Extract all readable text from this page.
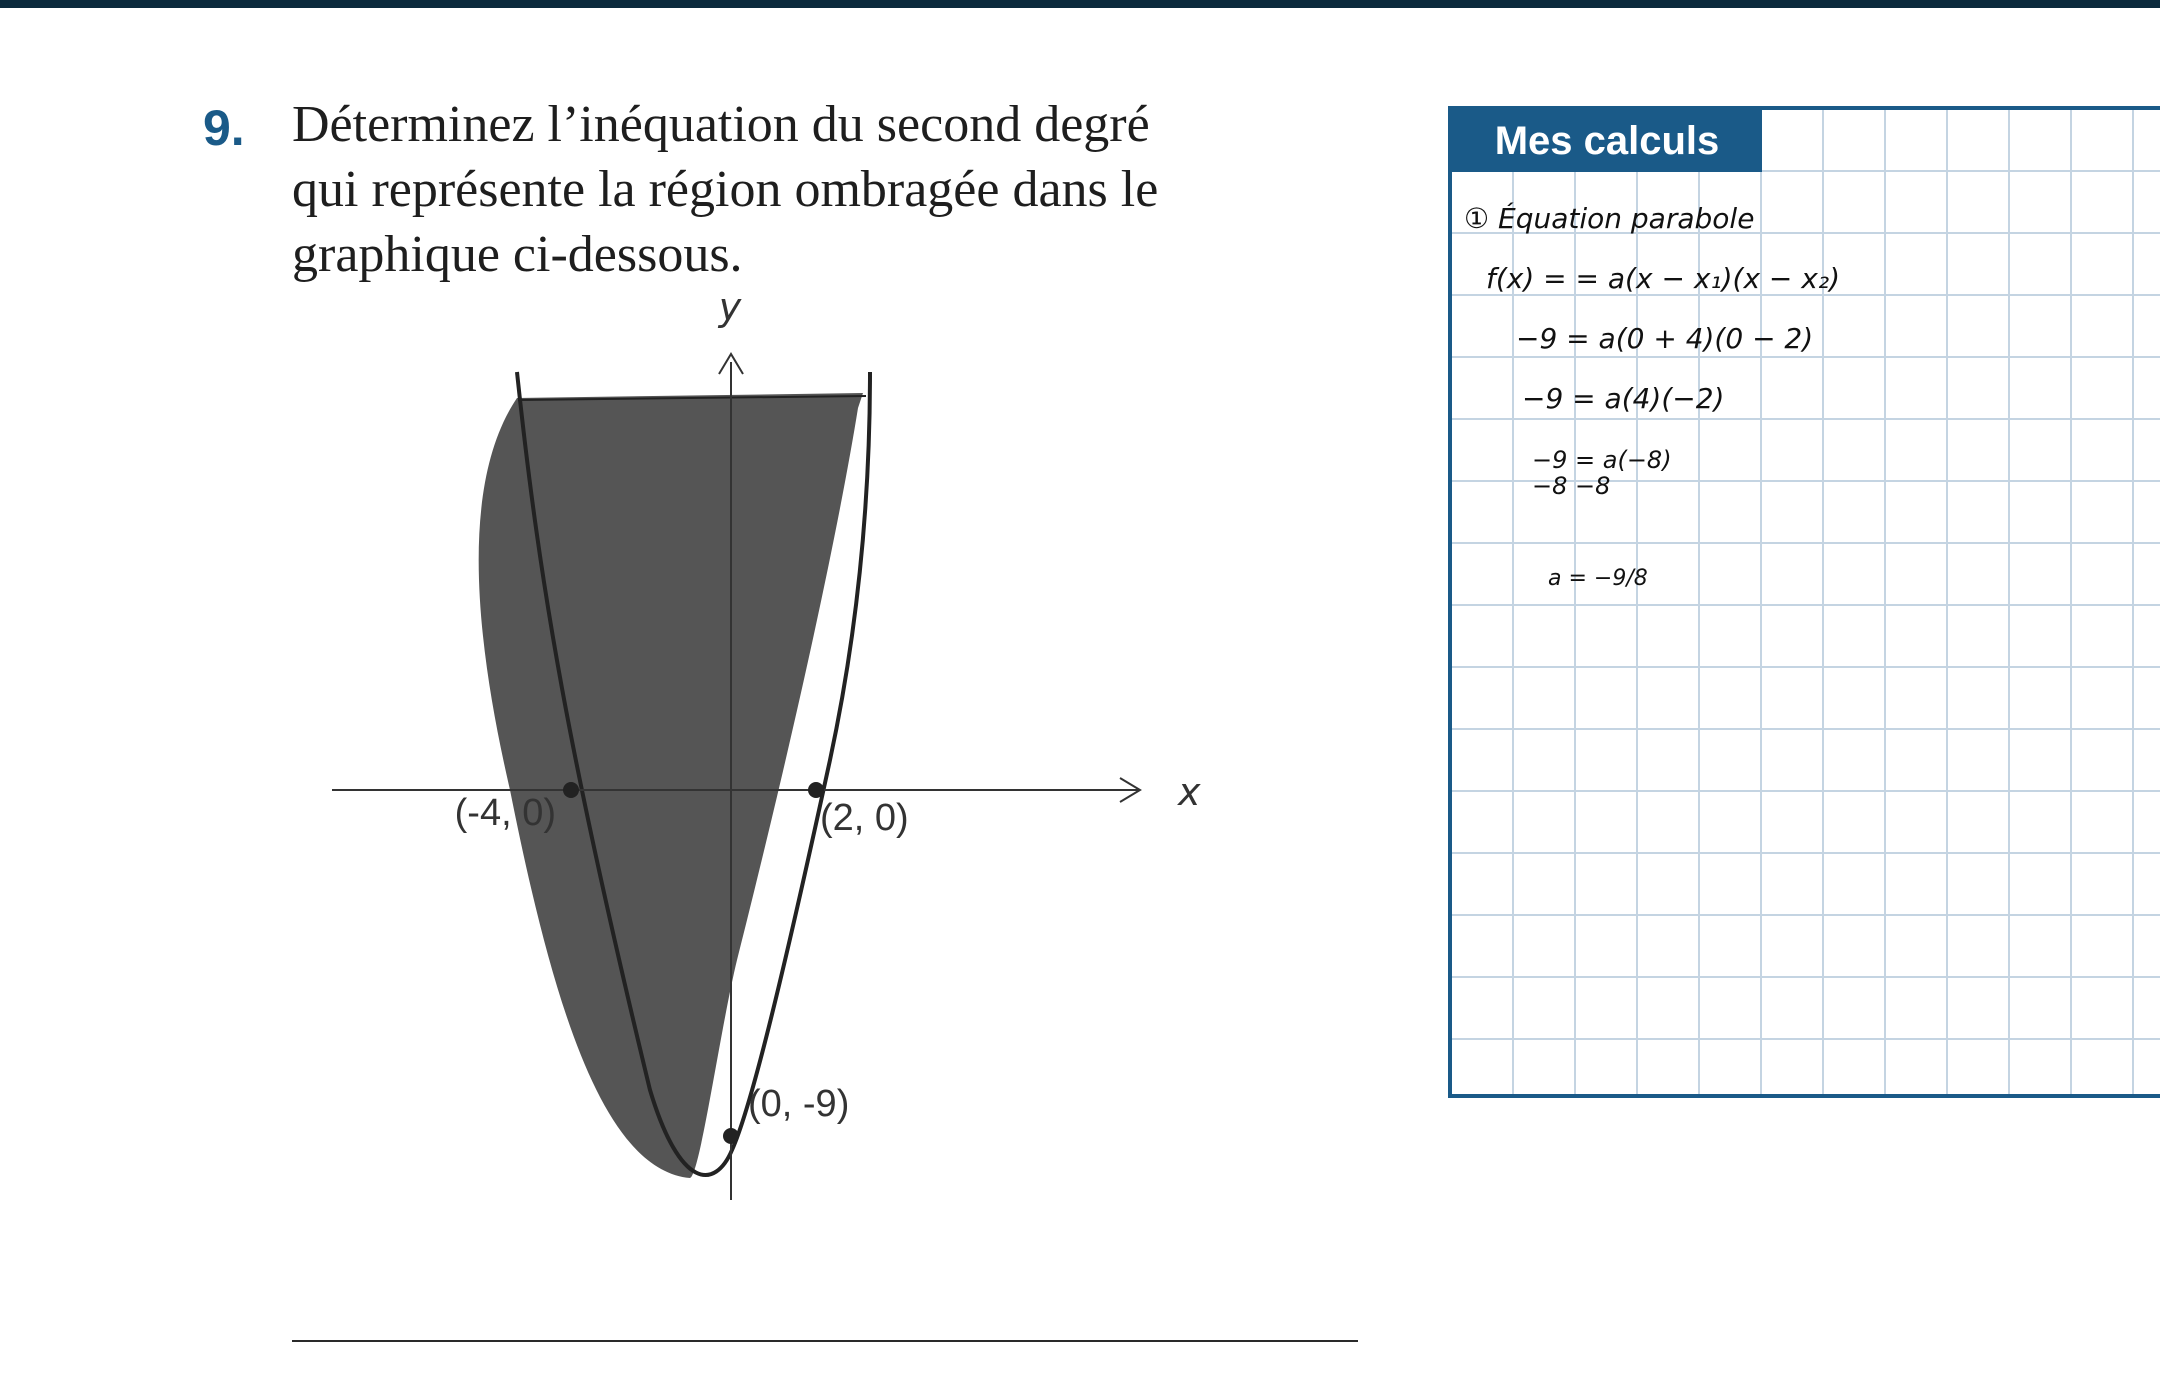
9. Déterminez l’inéquation du second degré
qui représente la région ombragée dans le
graphique ci-dessous.
x
y
(-4, 0)	(2, 0)
(0, -9)
Mes calculs
① Équation parabole
f(x) = = a(x − x₁)(x − x₂)
−9 = a(0 + 4)(0 − 2)
−9 = a(4)(−2)
−9 = a(−8)
−8 −8
a = −9/8
